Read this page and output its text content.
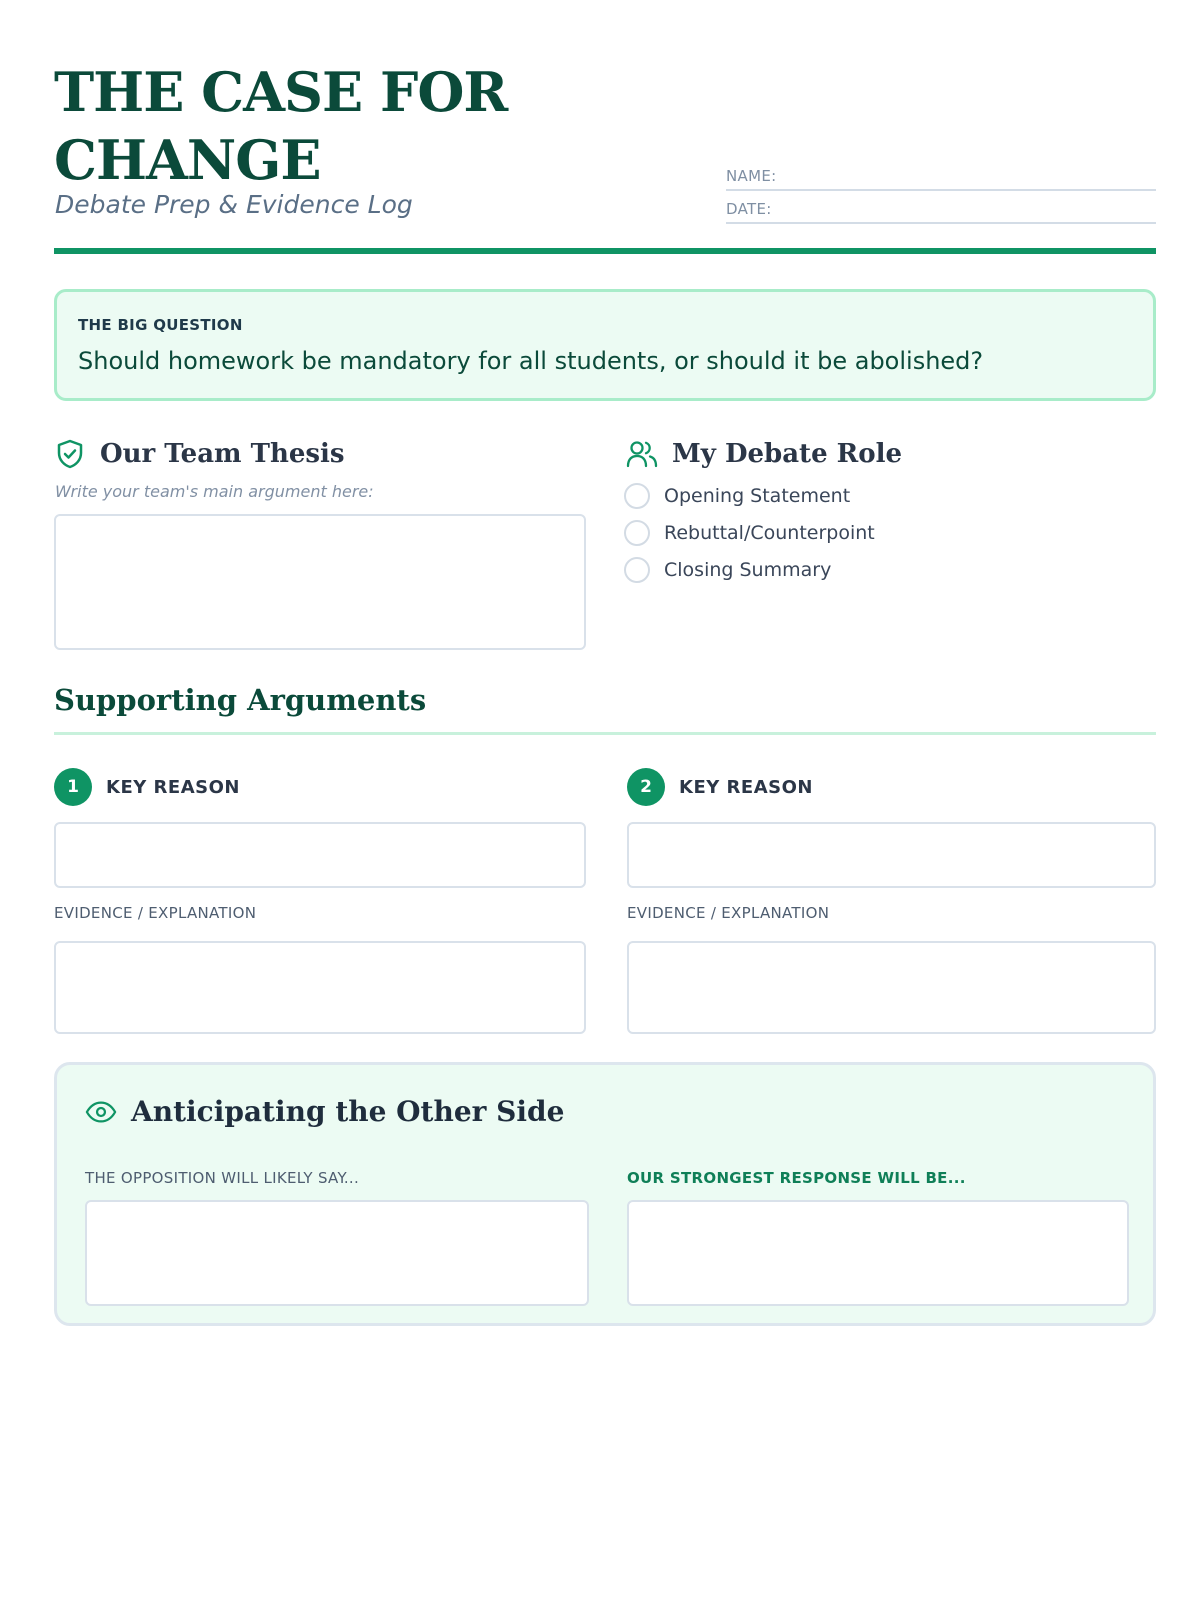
THE CASE FOR CHANGE
Debate Prep & Evidence Log
NAME:
DATE:
THE BIG QUESTION
Should homework be mandatory for all students, or should it be abolished?
Our Team Thesis
Write your team's main argument here:
My Debate Role
Opening Statement
Rebuttal/Counterpoint
Closing Summary
Supporting Arguments
1	KEY REASON
EVIDENCE / EXPLANATION
2	KEY REASON
EVIDENCE / EXPLANATION
Anticipating the Other Side
THE OPPOSITION WILL LIKELY SAY...	OUR STRONGEST RESPONSE WILL BE...
